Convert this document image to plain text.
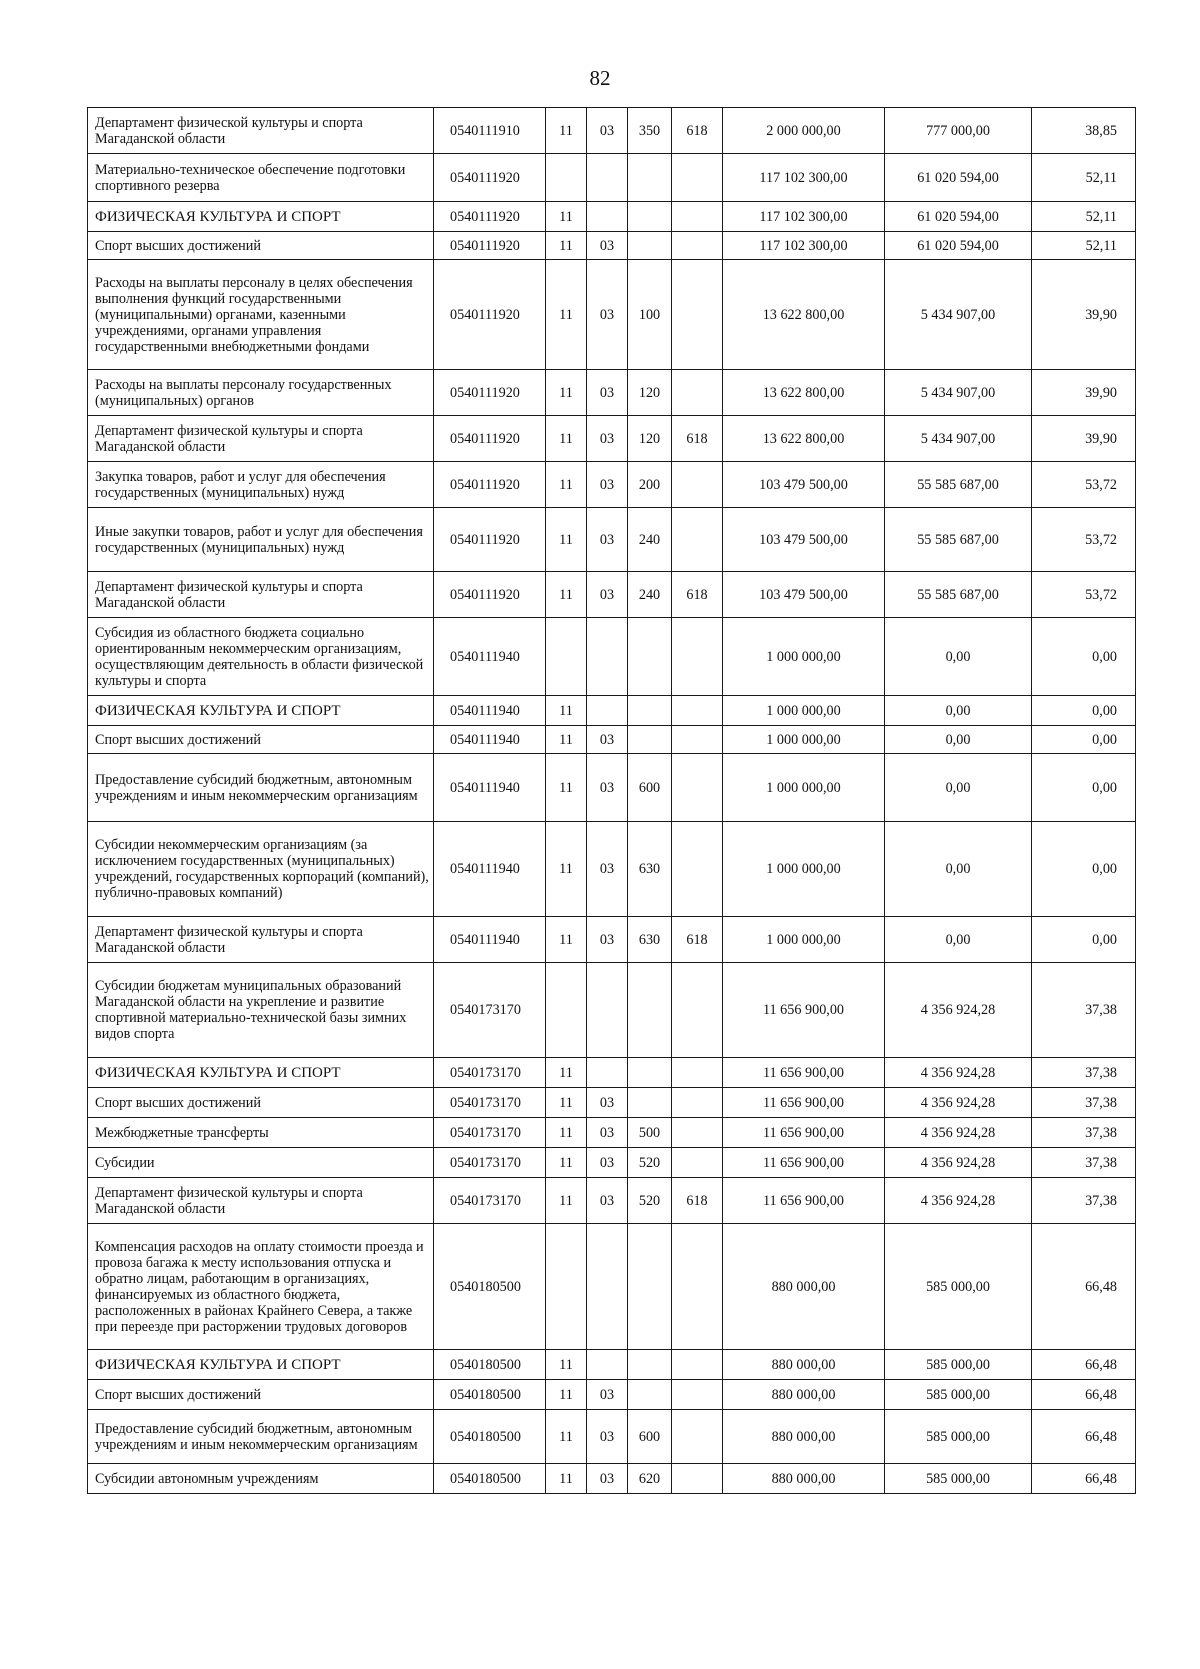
82
Департамент физической культуры и спорта Магаданской области	0540111910	11	03	350	618	2 000 000,00	777 000,00	38,85
Материально-техническое обеспечение подготовки спортивного резерва	0540111920					117 102 300,00	61 020 594,00	52,11
ФИЗИЧЕСКАЯ КУЛЬТУРА И СПОРТ	0540111920	11				117 102 300,00	61 020 594,00	52,11
Спорт высших достижений	0540111920	11	03			117 102 300,00	61 020 594,00	52,11
Расходы на выплаты персоналу в целях обеспечения выполнения функций государственными (муниципальными) органами, казенными учреждениями, органами управления государственными внебюджетными фондами	0540111920	11	03	100		13 622 800,00	5 434 907,00	39,90
Расходы на выплаты персоналу государственных (муниципальных) органов	0540111920	11	03	120		13 622 800,00	5 434 907,00	39,90
Департамент физической культуры и спорта Магаданской области	0540111920	11	03	120	618	13 622 800,00	5 434 907,00	39,90
Закупка товаров, работ и услуг для обеспечения государственных (муниципальных) нужд	0540111920	11	03	200		103 479 500,00	55 585 687,00	53,72
Иные закупки товаров, работ и услуг для обеспечения государственных (муниципальных) нужд	0540111920	11	03	240		103 479 500,00	55 585 687,00	53,72
Департамент физической культуры и спорта Магаданской области	0540111920	11	03	240	618	103 479 500,00	55 585 687,00	53,72
Субсидия из областного бюджета социально ориентированным некоммерческим организациям, осуществляющим деятельность в области физической культуры и спорта	0540111940					1 000 000,00	0,00	0,00
ФИЗИЧЕСКАЯ КУЛЬТУРА И СПОРТ	0540111940	11				1 000 000,00	0,00	0,00
Спорт высших достижений	0540111940	11	03			1 000 000,00	0,00	0,00
Предоставление субсидий бюджетным, автономным учреждениям и иным некоммерческим организациям	0540111940	11	03	600		1 000 000,00	0,00	0,00
Субсидии некоммерческим организациям (за исключением государственных (муниципальных) учреждений, государственных корпораций (компаний), публично-правовых компаний)	0540111940	11	03	630		1 000 000,00	0,00	0,00
Департамент физической культуры и спорта Магаданской области	0540111940	11	03	630	618	1 000 000,00	0,00	0,00
Субсидии бюджетам муниципальных образований Магаданской области на укрепление и развитие спортивной материально-технической базы зимних видов спорта	0540173170					11 656 900,00	4 356 924,28	37,38
ФИЗИЧЕСКАЯ КУЛЬТУРА И СПОРТ	0540173170	11				11 656 900,00	4 356 924,28	37,38
Спорт высших достижений	0540173170	11	03			11 656 900,00	4 356 924,28	37,38
Межбюджетные трансферты	0540173170	11	03	500		11 656 900,00	4 356 924,28	37,38
Субсидии	0540173170	11	03	520		11 656 900,00	4 356 924,28	37,38
Департамент физической культуры и спорта Магаданской области	0540173170	11	03	520	618	11 656 900,00	4 356 924,28	37,38
Компенсация расходов на оплату стоимости проезда и провоза багажа к месту использования отпуска и обратно лицам, работающим в организациях, финансируемых из областного бюджета, расположенных в районах Крайнего Севера, а также при переезде при расторжении трудовых договоров	0540180500					880 000,00	585 000,00	66,48
ФИЗИЧЕСКАЯ КУЛЬТУРА И СПОРТ	0540180500	11				880 000,00	585 000,00	66,48
Спорт высших достижений	0540180500	11	03			880 000,00	585 000,00	66,48
Предоставление субсидий бюджетным, автономным учреждениям и иным некоммерческим организациям	0540180500	11	03	600		880 000,00	585 000,00	66,48
Субсидии автономным учреждениям	0540180500	11	03	620		880 000,00	585 000,00	66,48
